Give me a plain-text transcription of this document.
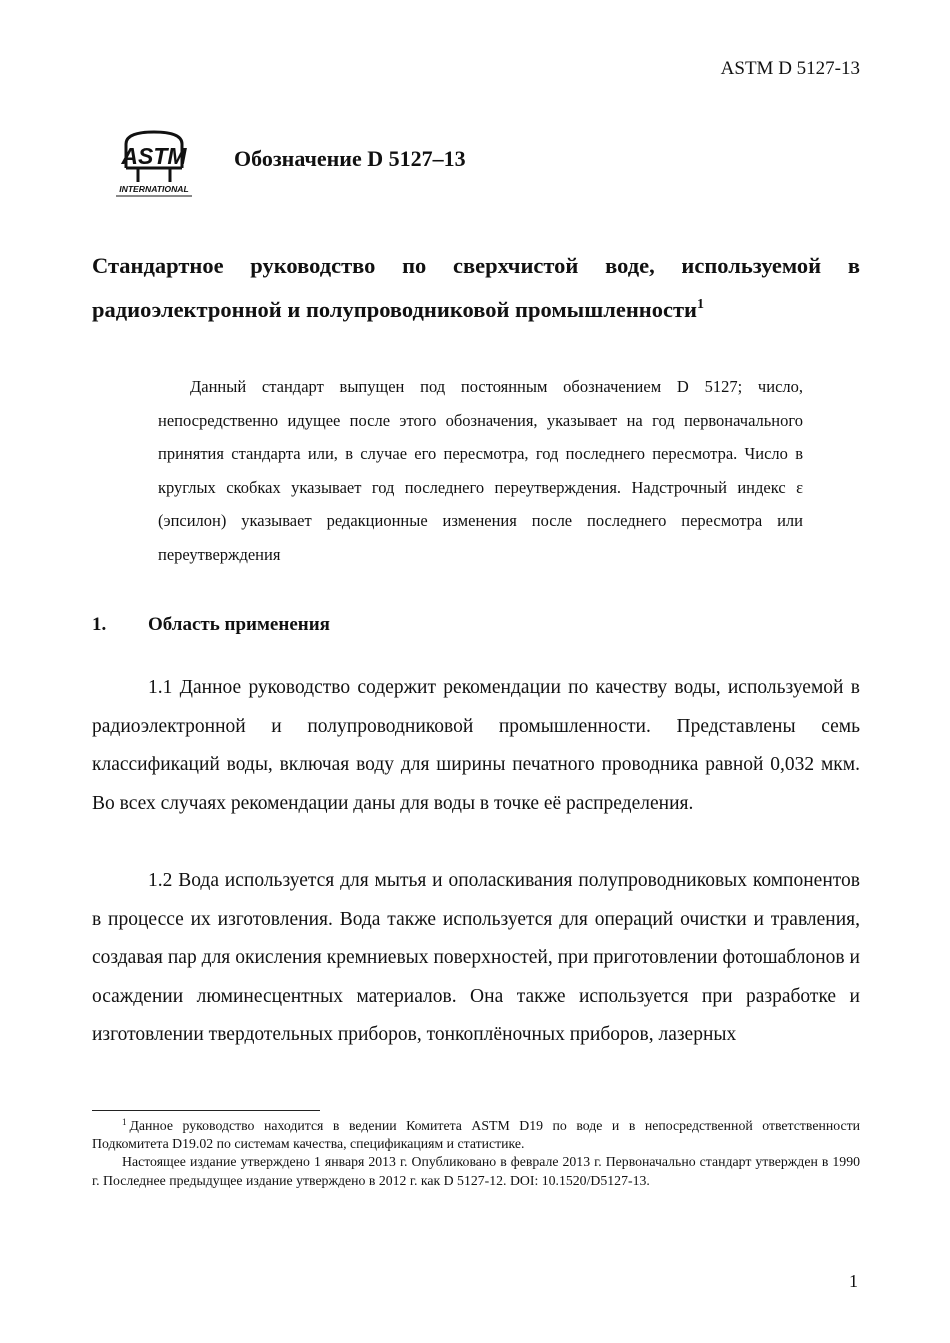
ASTM D 5127-13
ASTM
INTERNATIONAL
Обозначение D 5127–13
Стандартное руководство по сверхчистой воде, используемой в радиоэлектронной и полупроводниковой промышленности$^1$
Данный стандарт выпущен под постоянным обозначением D 5127; число, непосредственно идущее после этого обозначения, указывает на год первоначального принятия стандарта или, в случае его пересмотра, год последнего пересмотра. Число в круглых скобках указывает год последнего переутверждения. Надстрочный индекс ε (эпсилон) указывает редакционные изменения после последнего пересмотра или переутверждения
1. Область применения
1.1 Данное руководство содержит рекомендации по качеству воды, используемой в радиоэлектронной и полупроводниковой промышленности. Представлены семь классификаций воды, включая воду для ширины печатного проводника равной 0,032 мкм. Во всех случаях рекомендации даны для воды в точке её распределения.
1.2 Вода используется для мытья и ополаскивания полупроводниковых компонентов в процессе их изготовления. Вода также используется для операций очистки и травления, создавая пар для окисления кремниевых поверхностей, при приготовлении фотошаблонов и осаждении люминесцентных материалов. Она также используется при разработке и изготовлении твердотельных приборов, тонкоплёночных приборов, лазерных

$^1$ Данное руководство находится в ведении Комитета ASTM D19 по воде и в непосредственной ответственности Подкомитета D19.02 по системам качества, спецификациям и статистике.

Настоящее издание утверждено 1 января 2013 г. Опубликовано в феврале 2013 г. Первоначально стандарт утвержден в 1990 г. Последнее предыдущее издание утверждено в 2012 г. как D 5127-12. DOI: 10.1520/D5127-13.

1
